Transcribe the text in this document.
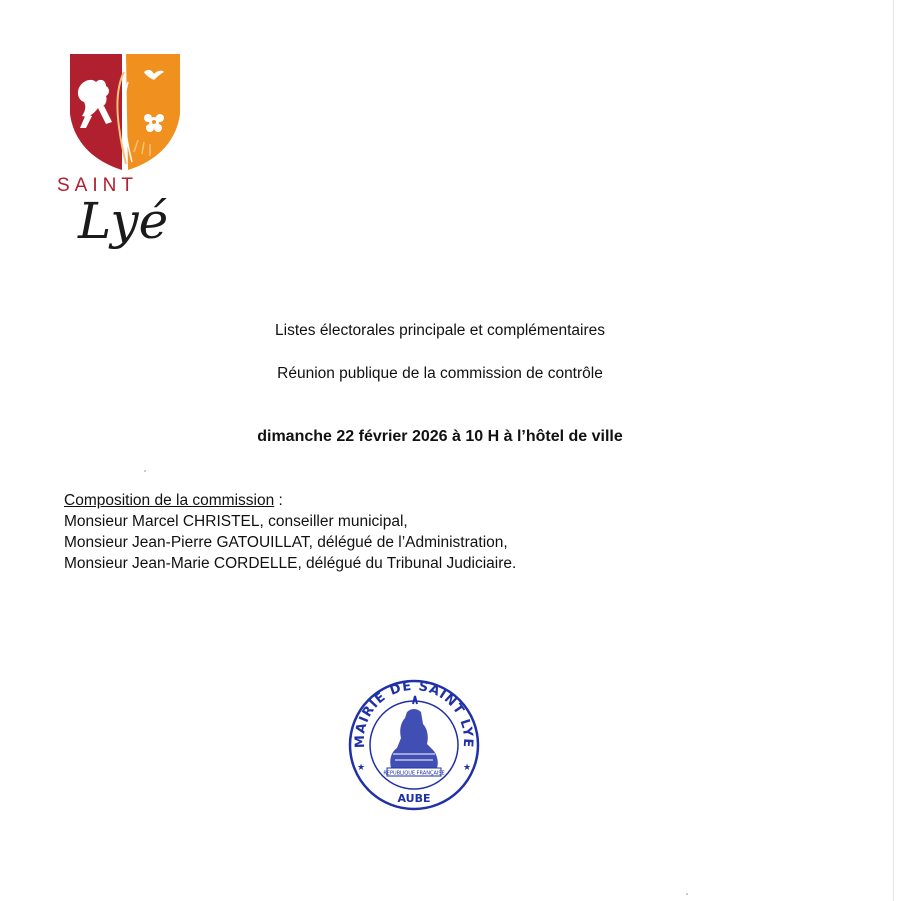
SAINT

Lyé

Listes électorales principale et complémentaires

Réunion publique de la commission de contrôle

dimanche 22 février 2026 à 10 H à l’hôtel de ville

Composition de la commission :

Monsieur Marcel CHRISTEL, conseiller municipal,

Monsieur Jean-Pierre GATOUILLAT, délégué de l’Administration,

Monsieur Jean-Marie CORDELLE, délégué du Tribunal Judiciaire.

MAIRIE DE SAINT LYE
AUBE
★	★
REPUBLIQUE FRANÇAISE
